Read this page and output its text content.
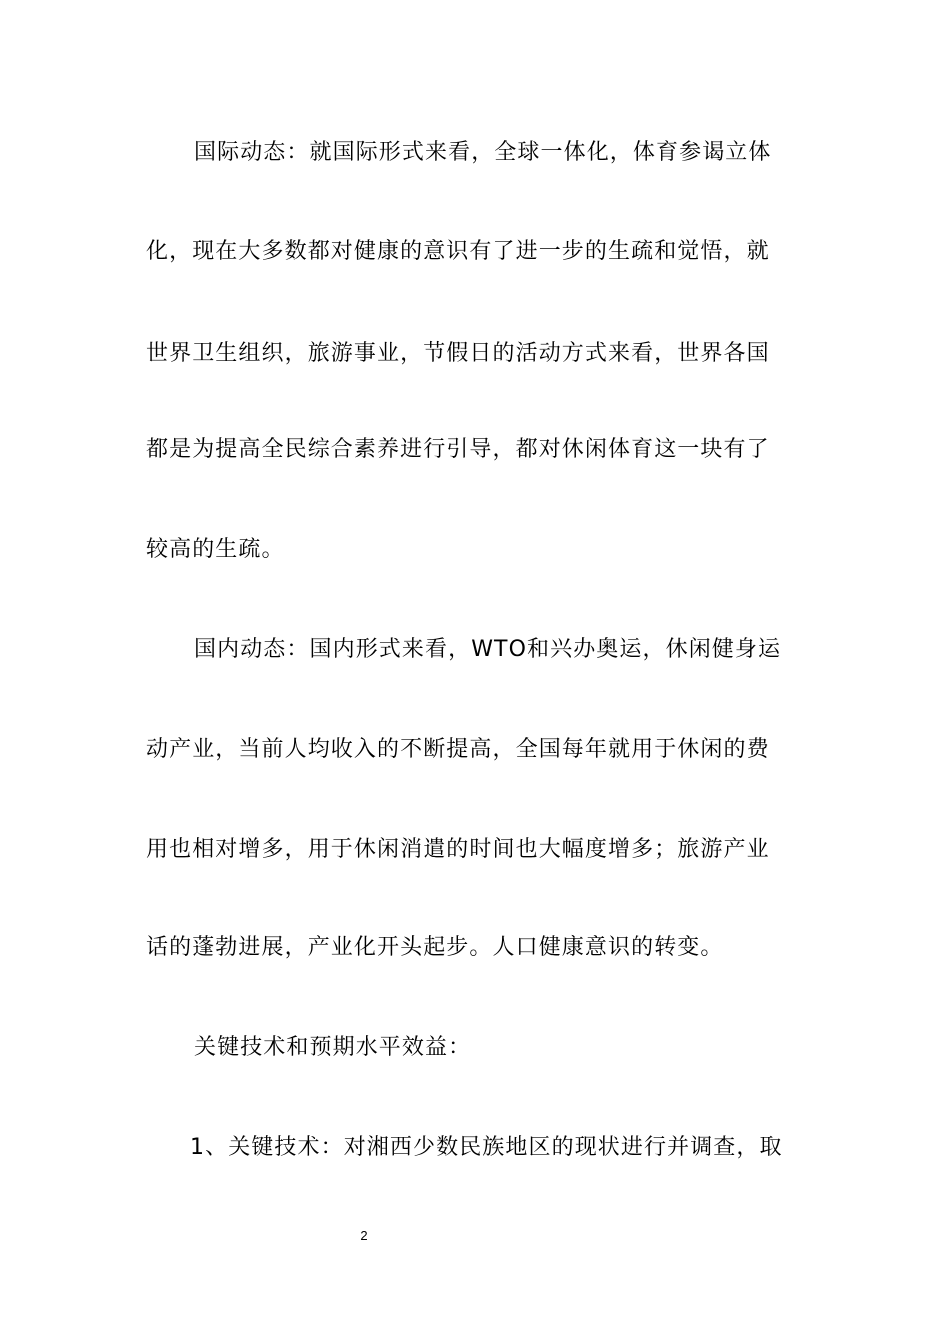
国际动态：就国际形式来看，全球一体化，体育参谒立体
化，现在大多数都对健康的意识有了进一步的生疏和觉悟，就
世界卫生组织，旅游事业，节假日的活动方式来看，世界各国
都是为提高全民综合素养进行引导，都对休闲体育这一块有了
较高的生疏。
国内动态：国内形式来看，WTO和兴办奥运，休闲健身运
动产业，当前人均收入的不断提高，全国每年就用于休闲的费
用也相对增多，用于休闲消遣的时间也大幅度增多；旅游产业
话的蓬勃进展，产业化开头起步。人口健康意识的转变。
关键技术和预期水平效益：
1、关键技术：对湘西少数民族地区的现状进行并调查，取
2
